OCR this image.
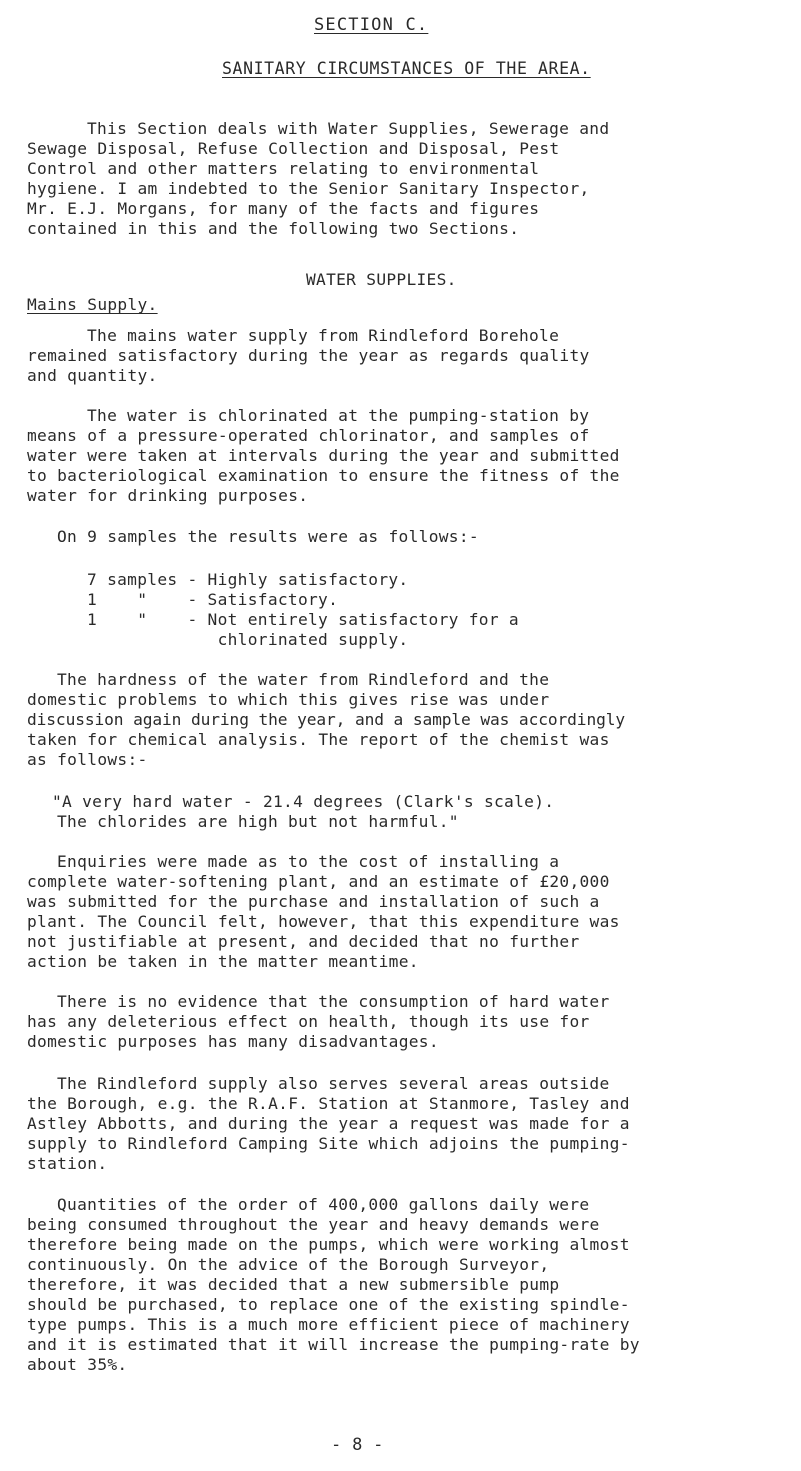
SECTION C.
SANITARY CIRCUMSTANCES OF THE AREA.
This Section deals with Water Supplies, Sewerage and
Sewage Disposal, Refuse Collection and Disposal, Pest
Control and other matters relating to environmental
hygiene. I am indebted to the Senior Sanitary Inspector,
Mr. E.J. Morgans, for many of the facts and figures
contained in this and the following two Sections.
WATER SUPPLIES.
Mains Supply.
The mains water supply from Rindleford Borehole
remained satisfactory during the year as regards quality
and quantity.
The water is chlorinated at the pumping-station by
means of a pressure-operated chlorinator, and samples of
water were taken at intervals during the year and submitted
to bacteriological examination to ensure the fitness of the
water for drinking purposes.
On 9 samples the results were as follows:-
7 samples - Highly satisfactory.
1    "    - Satisfactory.
1    "    - Not entirely satisfactory for a
chlorinated supply.
The hardness of the water from Rindleford and the
domestic problems to which this gives rise was under
discussion again during the year, and a sample was accordingly
taken for chemical analysis. The report of the chemist was
as follows:-
"A very hard water - 21.4 degrees (Clark's scale).
The chlorides are high but not harmful."
Enquiries were made as to the cost of installing a
complete water-softening plant, and an estimate of £20,000
was submitted for the purchase and installation of such a
plant. The Council felt, however, that this expenditure was
not justifiable at present, and decided that no further
action be taken in the matter meantime.
There is no evidence that the consumption of hard water
has any deleterious effect on health, though its use for
domestic purposes has many disadvantages.
The Rindleford supply also serves several areas outside
the Borough, e.g. the R.A.F. Station at Stanmore, Tasley and
Astley Abbotts, and during the year a request was made for a
supply to Rindleford Camping Site which adjoins the pumping-
station.
Quantities of the order of 400,000 gallons daily were
being consumed throughout the year and heavy demands were
therefore being made on the pumps, which were working almost
continuously. On the advice of the Borough Surveyor,
therefore, it was decided that a new submersible pump
should be purchased, to replace one of the existing spindle-
type pumps. This is a much more efficient piece of machinery
and it is estimated that it will increase the pumping-rate by
about 35%.
- 8 -
